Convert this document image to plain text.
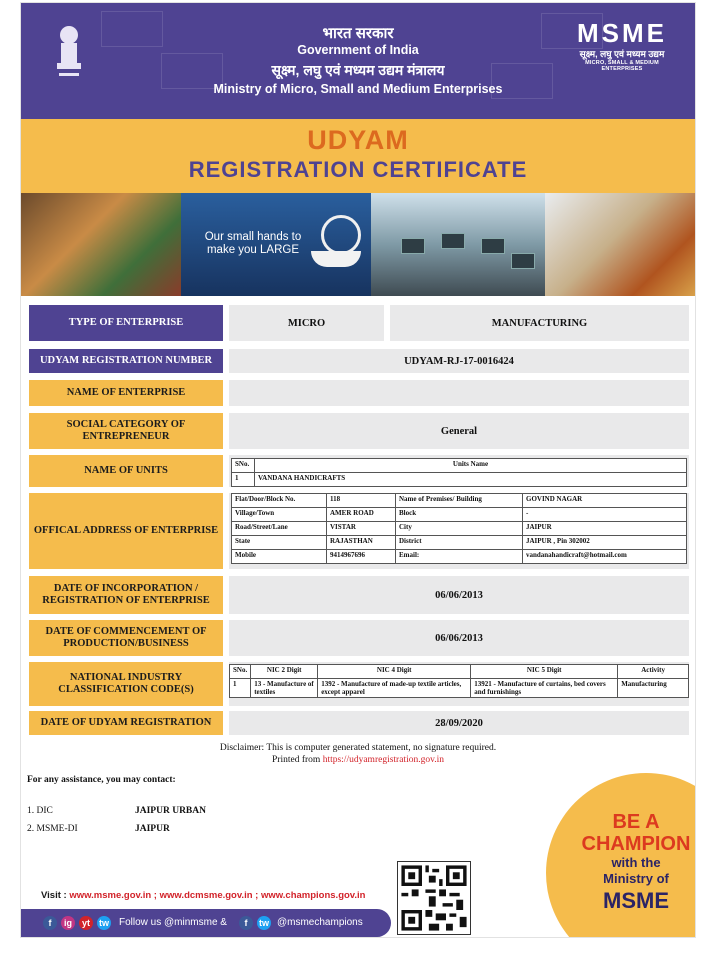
भारत सरकार
Government of India
सूक्ष्म, लघु एवं मध्यम उद्यम मंत्रालय
Ministry of Micro, Small and Medium Enterprises
MSME
सूक्ष्म, लघु एवं मध्यम उद्यम
MICRO, SMALL & MEDIUM ENTERPRISES
UDYAM
REGISTRATION CERTIFICATE
Our small hands to make you LARGE
TYPE OF ENTERPRISE	MICRO	MANUFACTURING
UDYAM REGISTRATION NUMBER	UDYAM-RJ-17-0016424
NAME OF ENTERPRISE
SOCIAL CATEGORY OF ENTREPRENEUR	General
NAME OF UNITS
SNo.	Units Name
1	VANDANA HANDICRAFTS
OFFICAL ADDRESS OF ENTERPRISE
Flat/Door/Block No.	118	Name of Premises/ Building	GOVIND NAGAR
Village/Town	AMER ROAD	Block	-
Road/Street/Lane	VISTAR	City	JAIPUR
State	RAJASTHAN	District	JAIPUR , Pin 302002
Mobile	9414967696	Email:	vandanahandicraft@hotmail.com
DATE OF INCORPORATION / REGISTRATION OF ENTERPRISE	06/06/2013
DATE OF COMMENCEMENT OF PRODUCTION/BUSINESS	06/06/2013
NATIONAL INDUSTRY CLASSIFICATION CODE(S)
SNo.	NIC 2 Digit	NIC 4 Digit	NIC 5 Digit	Activity
1	13 - Manufacture of textiles	1392 - Manufacture of made-up textile articles, except apparel	13921 - Manufacture of curtains, bed covers and furnishings	Manufacturing
DATE OF UDYAM REGISTRATION	28/09/2020
Disclaimer: This is computer generated statement, no signature required.
Printed from https://udyamregistration.gov.in
For any assistance, you may contact:
1. DIC	JAIPUR URBAN
2. MSME-DI	JAIPUR	BE A
CHAMPION
with the
Ministry of
MSME
Visit : www.msme.gov.in ; www.dcmsme.gov.in ; www.champions.gov.in
f	ig	yt	tw Follow us @minmsme &	f	tw @msmechampions
